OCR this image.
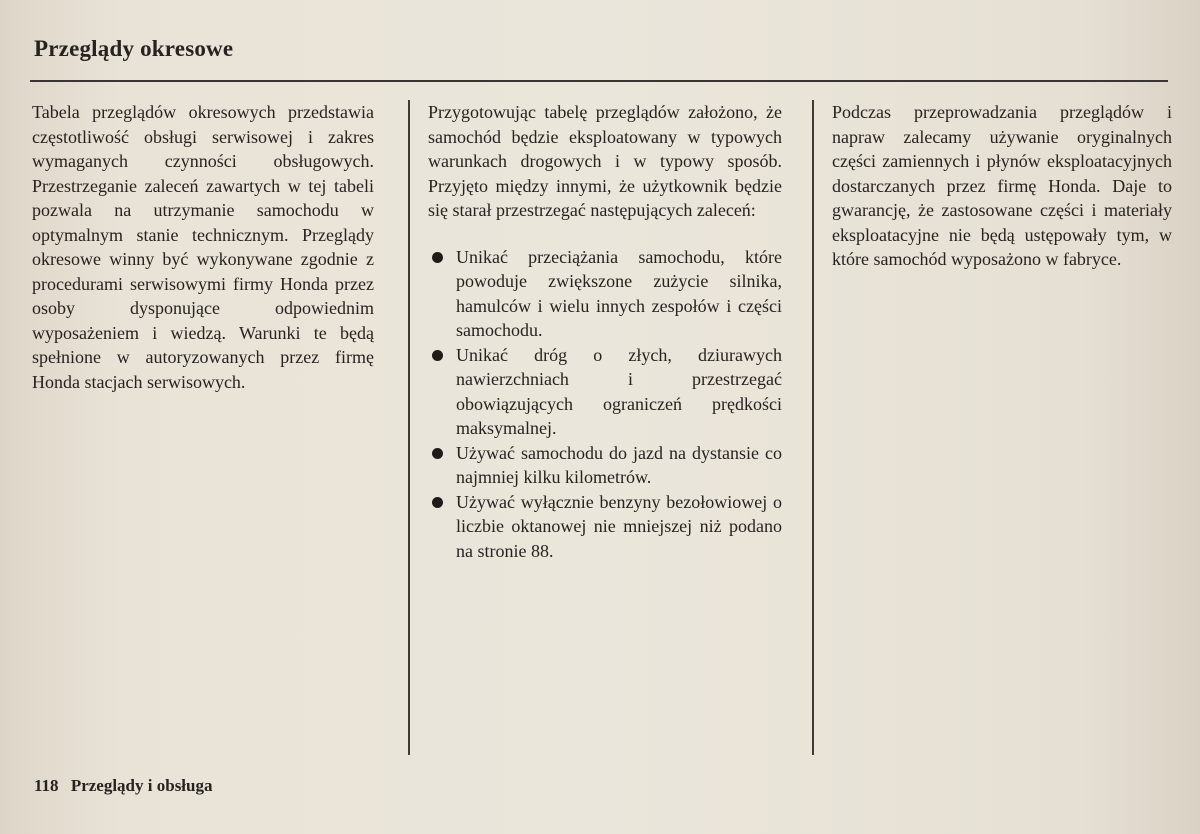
Przeglądy okresowe

Tabela przeglądów okresowych przedstawia częstotliwość obsługi serwisowej i zakres wymaganych czynności obsługowych. Przestrzeganie zaleceń zawartych w tej tabeli pozwala na utrzymanie samochodu w optymalnym stanie technicznym. Przeglądy okresowe winny być wykonywane zgodnie z procedurami serwisowymi firmy Honda przez osoby dysponujące odpowiednim wyposażeniem i wiedzą. Warunki te będą spełnione w autoryzowanych przez firmę Honda stacjach serwisowych.

Przygotowując tabelę przeglądów założono, że samochód będzie eksploatowany w typowych warunkach drogowych i w typowy sposób. Przyjęto między innymi, że użytkownik będzie się starał przestrzegać następujących zaleceń:

Unikać przeciążania samochodu, które powoduje zwiększone zużycie silnika, hamulców i wielu innych zespołów i części samochodu.
Unikać dróg o złych, dziurawych nawierzchniach i przestrzegać obowiązujących ograniczeń prędkości maksymalnej.
Używać samochodu do jazd na dystansie co najmniej kilku kilometrów.
Używać wyłącznie benzyny bezołowiowej o liczbie oktanowej nie mniejszej niż podano na stronie 88.

Podczas przeprowadzania przeglądów i napraw zalecamy używanie oryginalnych części zamiennych i płynów eksploatacyjnych dostarczanych przez firmę Honda. Daje to gwarancję, że zastosowane części i materiały eksploatacyjne nie będą ustępowały tym, w które samochód wyposażono w fabryce.

118 Przeglądy i obsługa
